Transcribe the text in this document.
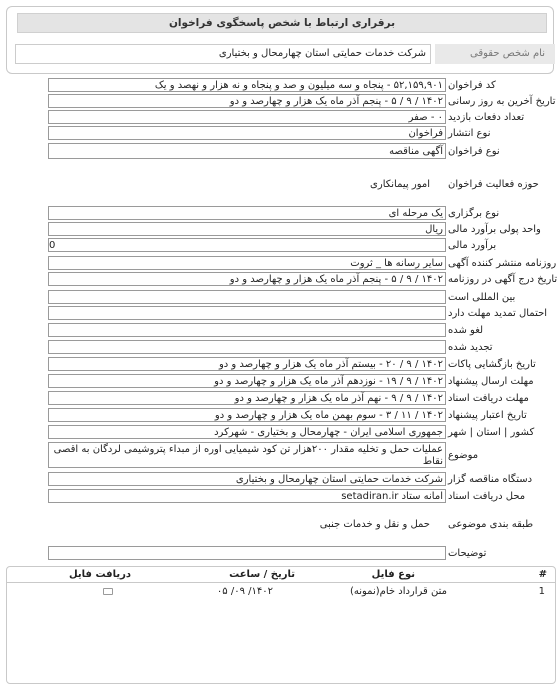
برقراری ارتباط با شخص پاسخگوی فراخوان
شرکت خدمات حمایتی استان چهارمحال و بختیاری	نام شخص حقوقی
کد فراخوان
۵۲,۱۵۹,۹۰۱ - پنجاه و سه میلیون و صد و پنجاه و نه هزار و نهصد و یک
تاریخ آخرین به روز رسانی
۱۴۰۲ / ۹ / ۵ - پنجم آذر ماه یک هزار و چهارصد و دو
تعداد دفعات بازدید
۰ - صفر
نوع انتشار
فراخوان
نوع فراخوان
آگهی مناقصه
حوزه فعالیت فراخوان
امور پیمانکاری
نوع برگزاری
یک مرحله ای
واحد پولی برآورد مالی
ریال
برآورد مالی
0
روزنامه منتشر کننده آگهی
سایر رسانه ها _ ثروت
تاریخ درج آگهی در روزنامه
۱۴۰۲ / ۹ / ۵ - پنجم آذر ماه یک هزار و چهارصد و دو
بین المللی است
احتمال تمدید مهلت دارد
لغو شده
تجدید شده
تاریخ بازگشایی پاکات
۱۴۰۲ / ۹ / ۲۰ - بیستم آذر ماه یک هزار و چهارصد و دو
مهلت ارسال پیشنهاد
۱۴۰۲ / ۹ / ۱۹ - نوزدهم آذر ماه یک هزار و چهارصد و دو
مهلت دریافت اسناد
۱۴۰۲ / ۹ / ۹ - نهم آذر ماه یک هزار و چهارصد و دو
تاریخ اعتبار پیشنهاد
۱۴۰۲ / ۱۱ / ۳ - سوم بهمن ماه یک هزار و چهارصد و دو
کشور | استان | شهر
جمهوری اسلامی ایران - چهارمحال و بختیاری - شهرکرد
موضوع
عملیات حمل و تخلیه مقدار ۲۰۰هزار تن کود شیمیایی اوره از مبداء پتروشیمی لردگان به اقصی نقاط
دستگاه مناقصه گزار
شرکت خدمات حمایتی استان چهارمحال و بختیاری
محل دریافت اسناد
امانه ستاد setadiran.ir
طبقه بندی موضوعی
حمل و نقل و خدمات جنبی
توضیحات
#
نوع فایل
تاریخ / ساعت
دریافت فایل
1
متن قرارداد خام(نمونه)
۱۴۰۲/ ۰۹/ ۰۵
